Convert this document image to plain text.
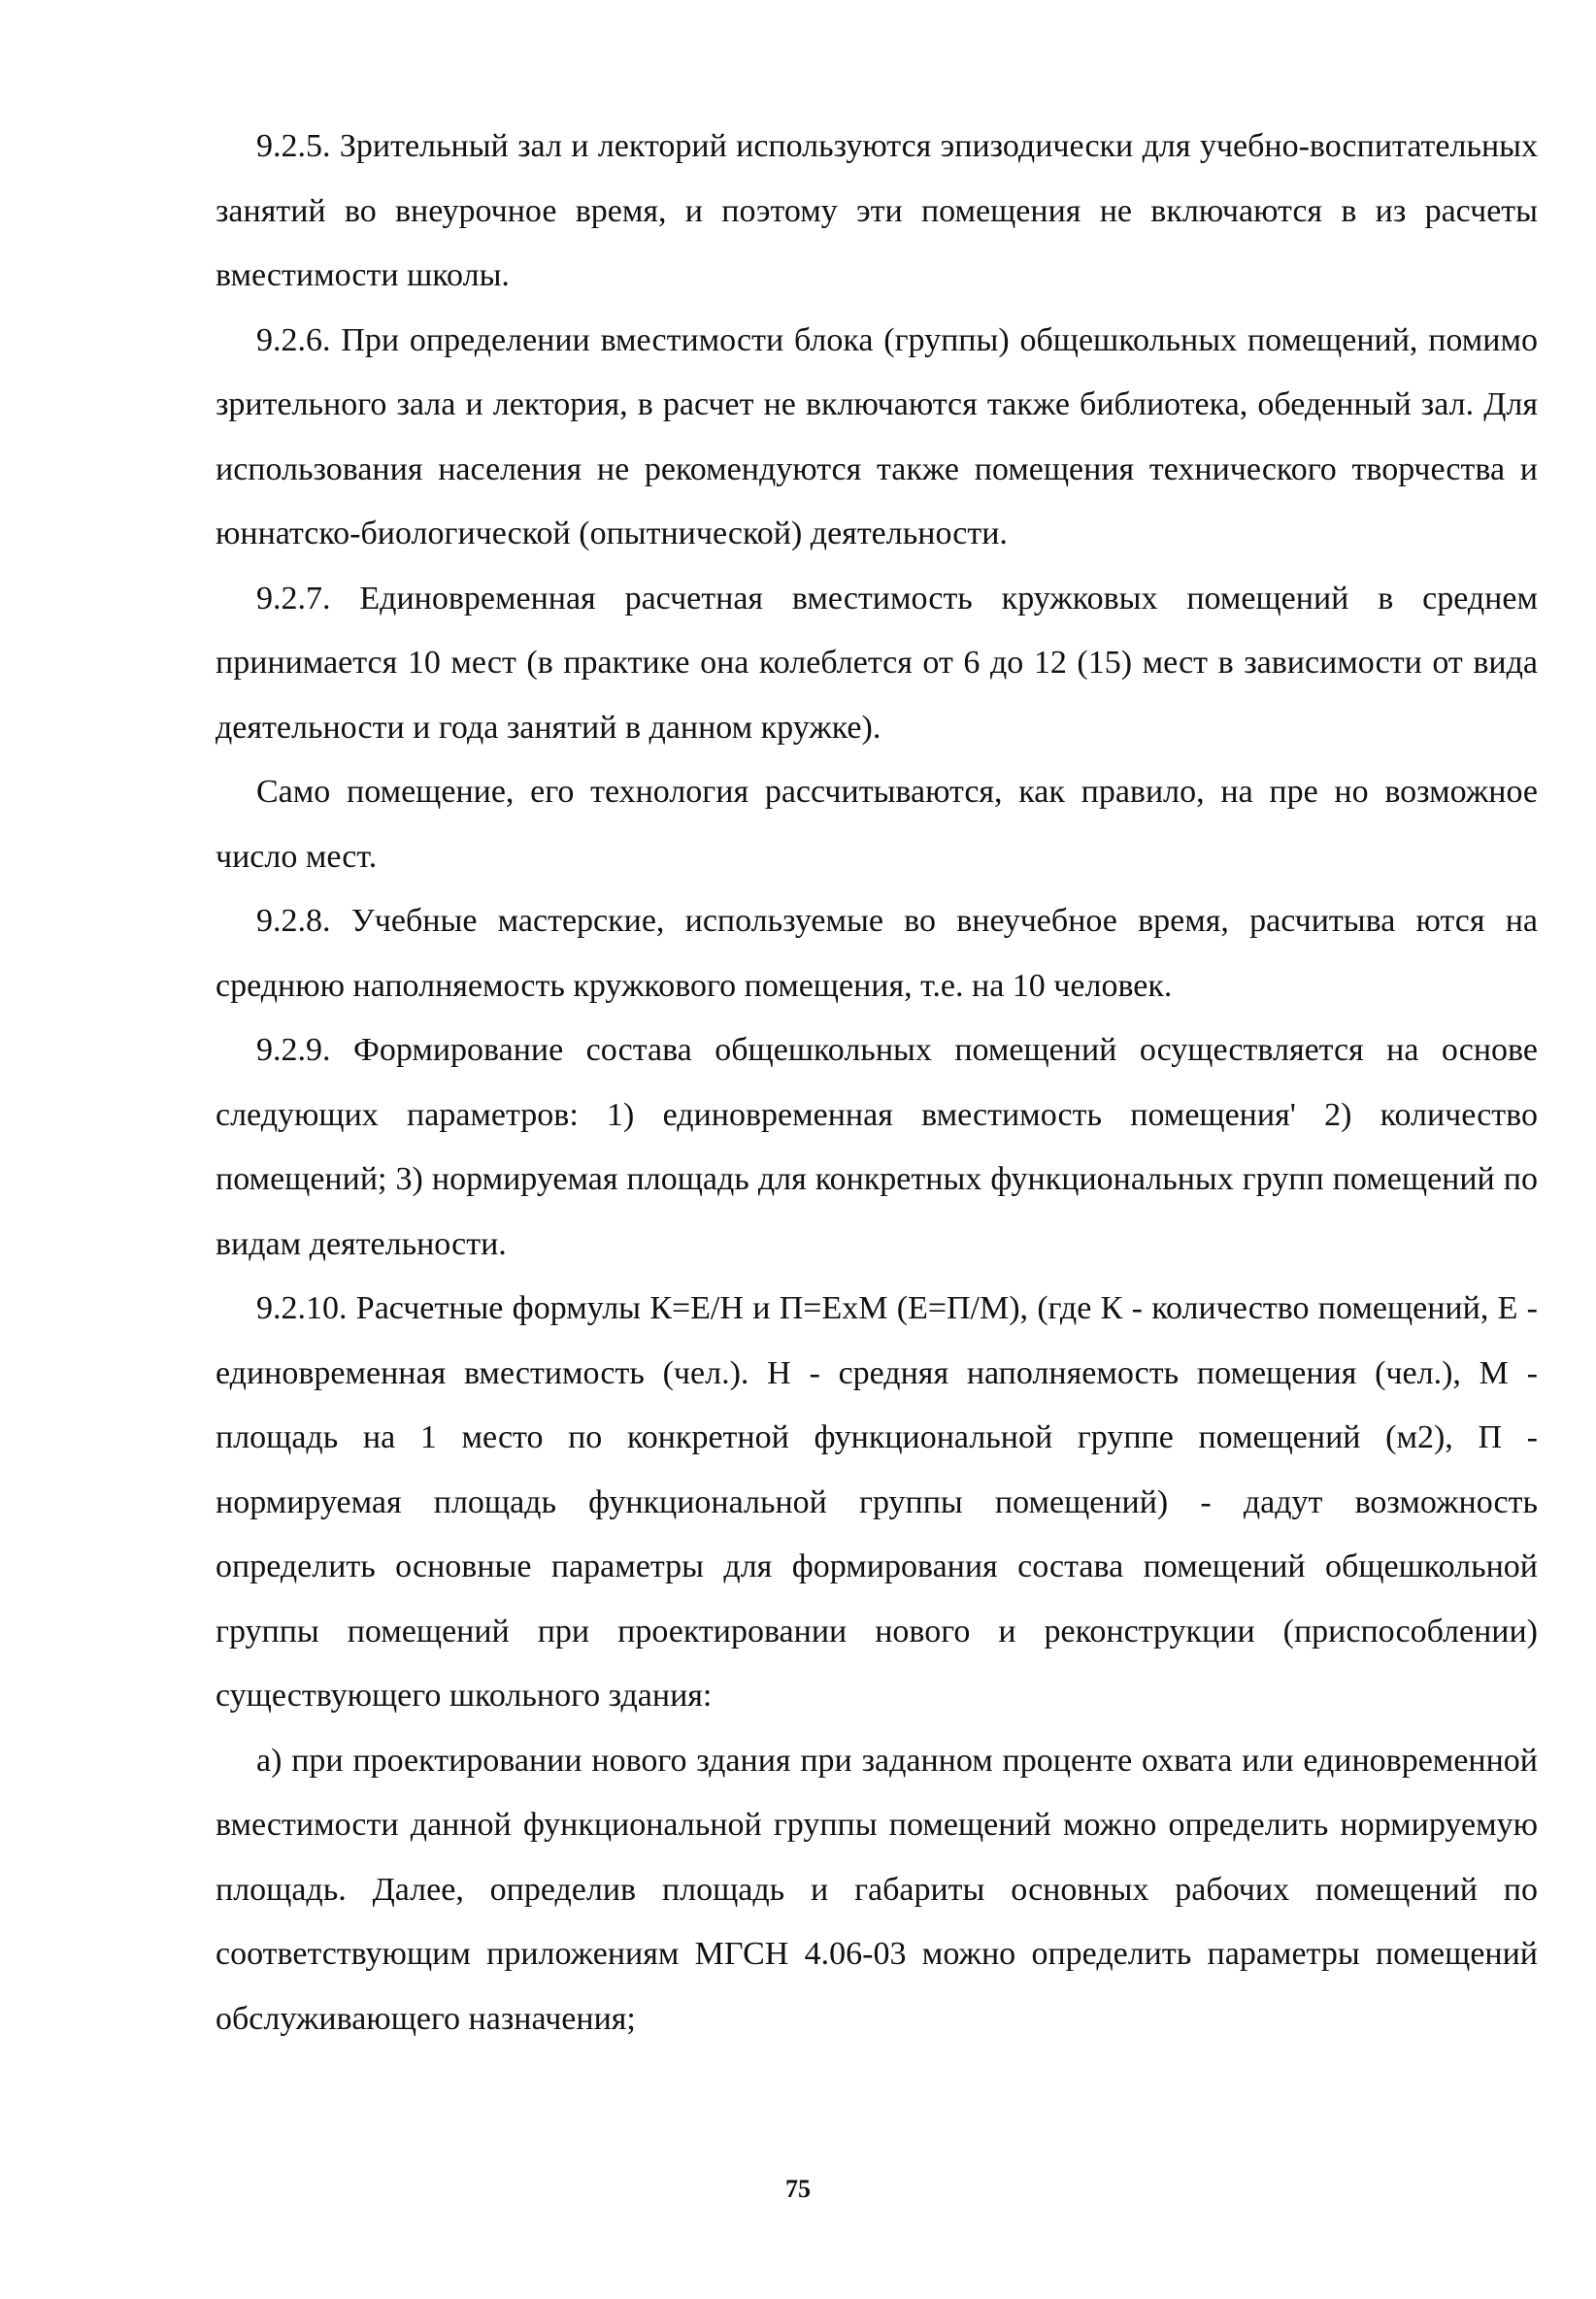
9.2.5. Зрительный зал и лекторий используются эпизодически для учебно-воспитательных занятий во внеурочное время, и поэтому эти помещения не включаются в из расчеты вместимости школы.

9.2.6. При определении вместимости блока (группы) общешкольных помещений, помимо зрительного зала и лектория, в расчет не включаются также библиотека, обеденный зал. Для использования населения не рекомендуются также помещения технического творчества и юннатско-биологической (опытнической) деятельности.

9.2.7. Единовременная расчетная вместимость кружковых помещений в среднем принимается 10 мест (в практике она колеблется от 6 до 12 (15) мест в зависимости от вида деятельности и года занятий в данном кружке).

Само помещение, его технология рассчитываются, как правило, на пре но возможное число мест.

9.2.8. Учебные мастерские, используемые во внеучебное время, расчитыва ются на среднюю наполняемость кружкового помещения, т.е. на 10 человек.

9.2.9. Формирование состава общешкольных помещений осуществляется на основе следующих параметров: 1) единовременная вместимость помещения' 2) количество помещений; 3) нормируемая площадь для конкретных функциональных групп помещений по видам деятельности.

9.2.10. Расчетные формулы К=Е/Н и П=ЕхМ (Е=П/М), (где К - количество помещений, Е - единовременная вместимость (чел.). Н - средняя наполняемость помещения (чел.), М - площадь на 1 место по конкретной функциональной группе помещений (м2), П - нормируемая площадь функциональной группы помещений) - дадут возможность определить основные параметры для формирования состава помещений общешкольной группы помещений при проектировании нового и реконструкции (приспособлении) существующего школьного здания:

а) при проектировании нового здания при заданном проценте охвата или единовременной вместимости данной функциональной группы помещений можно определить нормируемую площадь. Далее, определив площадь и габариты основных рабочих помещений по соответствующим приложениям МГСН 4.06-03 можно определить параметры помещений обслуживающего назначения;

75
